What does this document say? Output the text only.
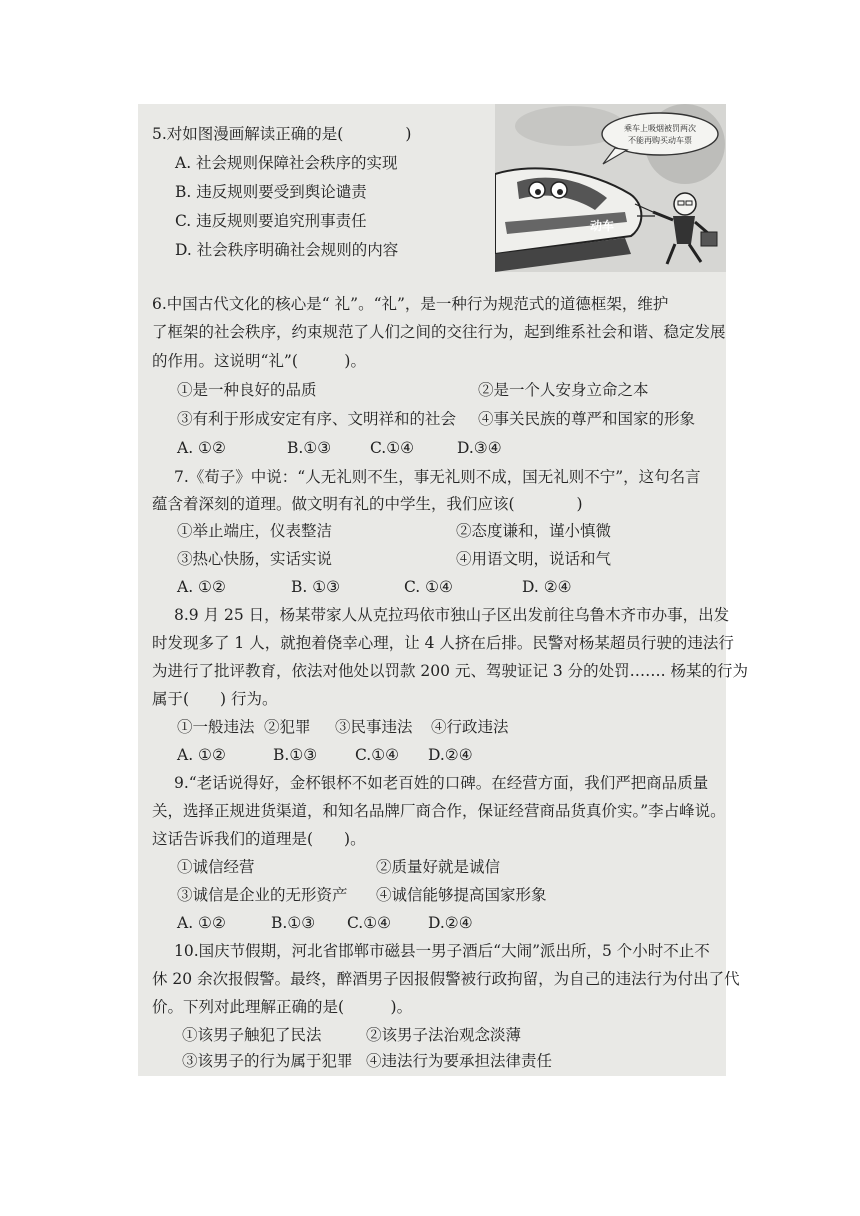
5.对如图漫画解读正确的是(　　　　)
A. 社会规则保障社会秩序的实现
B. 违反规则要受到舆论谴责
C. 违反规则要追究刑事责任
D. 社会秩序明确社会规则的内容
乘车上吸烟被罚两次
不能再购买动车票
动车
6.中国古代文化的核心是“ 礼”。“礼”，是一种行为规范式的道德框架，维护
了框架的社会秩序，约束规范了人们之间的交往行为，起到维系社会和谐、稳定发展
的作用。这说明“礼”(　　　)。
①是一种良好的品质	②是一个人安身立命之本
③有利于形成安定有序、文明祥和的社会 ④事关民族的尊严和国家的形象
A. ①②	B.①③	C.①④	D.③④
7.《荀子》中说：“人无礼则不生，事无礼则不成，国无礼则不宁”，这句名言
蕴含着深刻的道理。做文明有礼的中学生，我们应该(　　　　)
①举止端庄，仪表整洁	②态度谦和，谨小慎微
③热心快肠，实话实说	④用语文明，说话和气
A. ①②	B. ①③	C. ①④	D. ②④
8.9 月 25 日，杨某带家人从克拉玛依市独山子区出发前往乌鲁木齐市办事，出发
时发现多了 1 人，就抱着侥幸心理，让 4 人挤在后排。民警对杨某超员行驶的违法行
为进行了批评教育，依法对他处以罚款 200 元、驾驶证记 3 分的处罚……. 杨某的行为
属于(　　) 行为。
①一般违法 ②犯罪 ③民事违法 ④行政违法
A. ①②	B.①③ C.①④ D.②④
9.“老话说得好，金杯银杯不如老百姓的口碑。在经营方面，我们严把商品质量
关，选择正规进货渠道，和知名品牌厂商合作，保证经营商品货真价实。”李占峰说。
这话告诉我们的道理是(　　)。
①诚信经营	②质量好就是诚信
③诚信是企业的无形资产 ④诚信能够提高国家形象
A. ①②	B.①③ C.①④ D.②④
10.国庆节假期，河北省邯郸市磁县一男子酒后“大闹”派出所，5 个小时不止不
休 20 余次报假警。最终，醉酒男子因报假警被行政拘留，为自己的违法行为付出了代
价。下列对此理解正确的是(　　　)。
①该男子触犯了民法	②该男子法治观念淡薄
③该男子的行为属于犯罪 ④违法行为要承担法律责任
